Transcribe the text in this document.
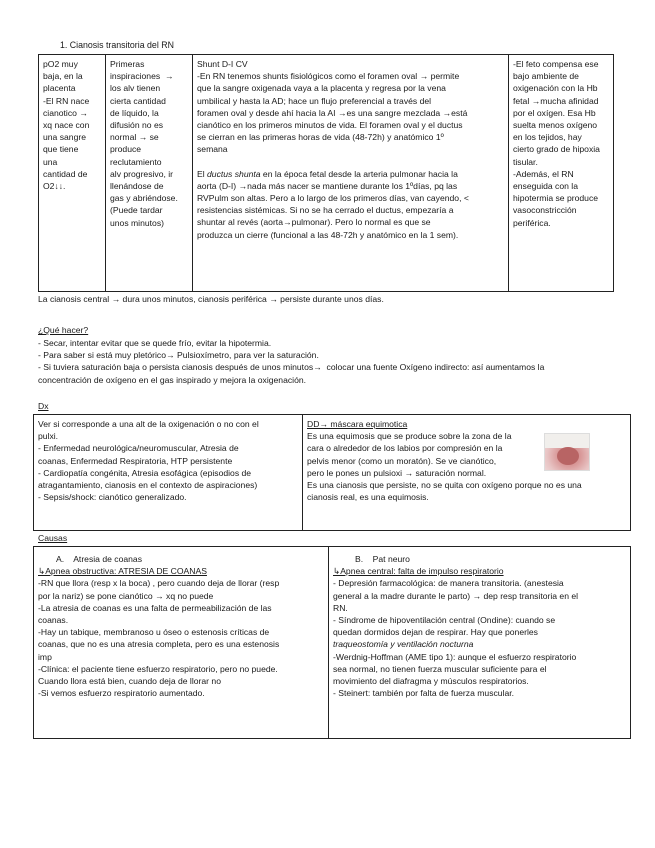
1. Cianosis transitoria del RN
pO2 muy
baja, en la
placenta
-El RN nace
cianotico →
xq nace con
una sangre
que tiene
una
cantidad de
O2↓↓.
Primeras
inspiraciones  →
los alv tienen
cierta cantidad
de líquido, la
difusión no es
normal → se
produce
reclutamiento
alv progresivo, ir
llenándose de
gas y abriéndose.
(Puede tardar
unos minutos)
Shunt D-I CV
-En RN tenemos shunts fisiológicos como el foramen oval → permite
que la sangre oxigenada vaya a la placenta y regresa por la vena
umbilical y hasta la AD; hace un flujo preferencial a través del
foramen oval y desde ahí hacia la AI →es una sangre mezclada →está
cianótico en los primeros minutos de vida. El foramen oval y el ductus
se cierran en las primeras horas de vida (48-72h) y anatómico 1º
semana
El ductus shunta en la época fetal desde la arteria pulmonar hacia la
aorta (D-I) →nada más nacer se mantiene durante los 1ºdías, pq las
RVPulm son altas. Pero a lo largo de los primeros días, van cayendo, <
resistencias sistémicas. Si no se ha cerrado el ductus, empezaría a
shuntar al revés (aorta→pulmonar). Pero lo normal es que se
produzca un cierre (funcional a las 48-72h y anatómico en la 1 sem).
-El feto compensa ese
bajo ambiente de
oxigenación con la Hb
fetal →mucha afinidad
por el oxígen. Esa Hb
suelta menos oxígeno
en los tejidos, hay
cierto grado de hipoxia
tisular.
-Además, el RN
enseguida con la
hipotermia se produce
vasoconstricción
periférica.
La cianosis central → dura unos minutos, cianosis periférica → persiste durante unos días.
¿Qué hacer?
- Secar, intentar evitar que se quede frío, evitar la hipotermia.
- Para saber si está muy pletórico→ Pulsioxímetro, para ver la saturación.
- Si tuviera saturación baja o persista cianosis después de unos minutos→  colocar una fuente Oxígeno indirecto: así aumentamos la
concentración de oxígeno en el gas inspirado y mejora la oxigenación.
Dx
Ver si corresponde a una alt de la oxigenación o no con el
pulxi.
- Enfermedad neurológica/neuromuscular, Atresia de
coanas, Enfermedad Respiratoria, HTP persistente
- Cardiopatía congénita, Atresia esofágica (episodios de
atragantamiento, cianosis en el contexto de aspiraciones)
- Sepsis/shock: cianótico generalizado.
DD→ máscara equimotica
Es una equimosis que se produce sobre la zona de la
cara o alrededor de los labios por compresión en la
pelvis menor (como un moratón). Se ve cianótico,
pero le pones un pulsioxi → saturación normal.
Es una cianosis que persiste, no se quita con oxígeno porque no es una
cianosis real, es una equimosis.
Causas
A.    Atresia de coanas
↳Apnea obstructiva: ATRESIA DE COANAS
-RN que llora (resp x la boca) , pero cuando deja de llorar (resp
por la nariz) se pone cianótico → xq no puede
-La atresia de coanas es una falta de permeabilización de las
coanas.
-Hay un tabique, membranoso u óseo o estenosis críticas de
coanas, que no es una atresia completa, pero es una estenosis
imp
-Clínica: el paciente tiene esfuerzo respiratorio, pero no puede.
Cuando llora está bien, cuando deja de llorar no
-Si vemos esfuerzo respiratorio aumentado.
B.    Pat neuro
↳Apnea central: falta de impulso respiratorio
- Depresión farmacológica: de manera transitoria. (anestesia
general a la madre durante le parto) → dep resp transitoria en el
RN.
- Síndrome de hipoventilación central (Ondine): cuando se
quedan dormidos dejan de respirar. Hay que ponerles
traqueostomía y ventilación nocturna
-Werdnig-Hoffman (AME tipo 1): aunque el esfuerzo respiratorio
sea normal, no tienen fuerza muscular suficiente para el
movimiento del diafragma y músculos respiratorios.
- Steinert: también por falta de fuerza muscular.
